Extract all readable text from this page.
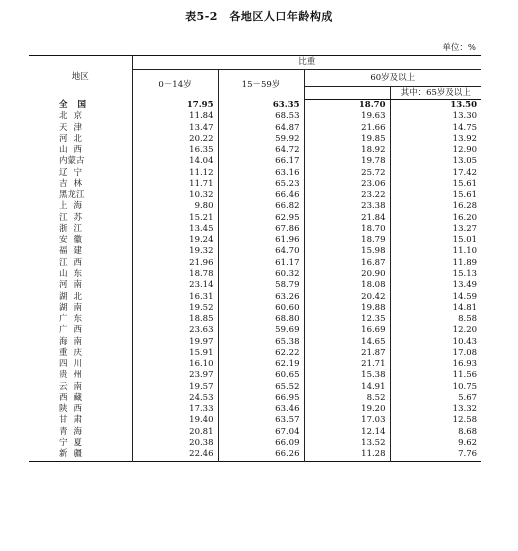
表5-2　各地区人口年龄构成
单位：%
地区	比重			
	0－14岁	15－59岁	60岁及以上	
				其中：65岁及以上
全国	17.95	63.35	18.70	13.50
北京	11.84	68.53	19.63	13.30
天津	13.47	64.87	21.66	14.75
河北	20.22	59.92	19.85	13.92
山西	16.35	64.72	18.92	12.90
内蒙古	14.04	66.17	19.78	13.05
辽宁	11.12	63.16	25.72	17.42
吉林	11.71	65.23	23.06	15.61
黑龙江	10.32	66.46	23.22	15.61
上海	9.80	66.82	23.38	16.28
江苏	15.21	62.95	21.84	16.20
浙江	13.45	67.86	18.70	13.27
安徽	19.24	61.96	18.79	15.01
福建	19.32	64.70	15.98	11.10
江西	21.96	61.17	16.87	11.89
山东	18.78	60.32	20.90	15.13
河南	23.14	58.79	18.08	13.49
湖北	16.31	63.26	20.42	14.59
湖南	19.52	60.60	19.88	14.81
广东	18.85	68.80	12.35	8.58
广西	23.63	59.69	16.69	12.20
海南	19.97	65.38	14.65	10.43
重庆	15.91	62.22	21.87	17.08
四川	16.10	62.19	21.71	16.93
贵州	23.97	60.65	15.38	11.56
云南	19.57	65.52	14.91	10.75
西藏	24.53	66.95	8.52	5.67
陕西	17.33	63.46	19.20	13.32
甘肃	19.40	63.57	17.03	12.58
青海	20.81	67.04	12.14	8.68
宁夏	20.38	66.09	13.52	9.62
新疆	22.46	66.26	11.28	7.76
